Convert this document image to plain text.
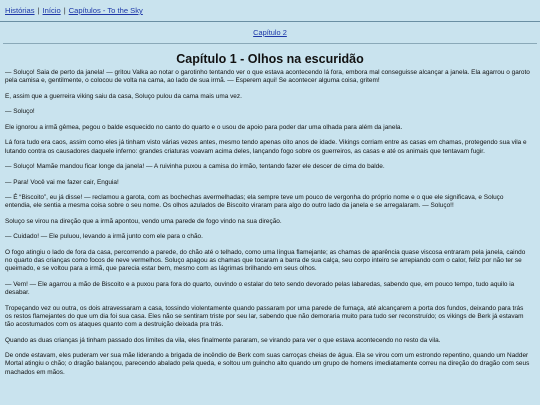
Histórias | Início | Capítulos - To the Sky
Capítulo 2
Capítulo 1 - Olhos na escuridão

— Soluço! Saia de perto da janela! — gritou Valka ao notar o garotinho tentando ver o que estava acontecendo lá fora, embora mal conseguisse alcançar a janela. Ela agarrou o garoto pela camisa e, gentilmente, o colocou de volta na cama, ao lado de sua irmã. — Esperem aqui! Se acontecer alguma coisa, gritem!

E, assim que a guerreira viking saiu da casa, Soluço pulou da cama mais uma vez.

— Soluço!

Ele ignorou a irmã gêmea, pegou o balde esquecido no canto do quarto e o usou de apoio para poder dar uma olhada para além da janela.

Lá fora tudo era caos, assim como eles já tinham visto várias vezes antes, mesmo tendo apenas oito anos de idade. Vikings corriam entre as casas em chamas, protegendo sua vila e lutando contra os causadores daquele inferno: grandes criaturas voavam acima deles, lançando fogo sobre os guerreiros, as casas e até os animais que tentavam fugir.

— Soluço! Mamãe mandou ficar longe da janela! — A ruivinha puxou a camisa do irmão, tentando fazer ele descer de cima do balde.

— Para! Você vai me fazer cair, Enguia!

— É “Biscoito”, eu já disse! — reclamou a garota, com as bochechas avermelhadas; ela sempre teve um pouco de vergonha do próprio nome e o que ele significava, e Soluço entendia, ele sentia a mesma coisa sobre o seu nome. Os olhos azulados de Biscoito viraram para algo do outro lado da janela e se arregalaram. — Soluço!!

Soluço se virou na direção que a irmã apontou, vendo uma parede de fogo vindo na sua direção.

— Cuidado! — Ele puluou, levando a irmã junto com ele para o chão.

O fogo atingiu o lado de fora da casa, percorrendo a parede, do chão até o telhado, como uma língua flamejante; as chamas de aparência quase viscosa entraram pela janela, caindo no quarto das crianças como focos de neve vermelhos. Soluço apagou as chamas que tocaram a barra de sua calça, seu corpo inteiro se arrepiando com o calor, feliz por não ter se queimado, e se voltou para a irmã, que parecia estar bem, mesmo com as lágrimas brilhando em seus olhos.

— Vem! — Ele agarrou a mão de Biscoito e a puxou para fora do quarto, ouvindo o estalar do teto sendo devorado pelas labaredas, sabendo que, em pouco tempo, tudo aquilo ia desabar.

Tropeçando vez ou outra, os dois atravessaram a casa, tossindo violentamente quando passaram por uma parede de fumaça, até alcançarem a porta dos fundos, deixando para trás os restos flamejantes do que um dia foi sua casa. Eles não se sentiram triste por seu lar, sabendo que não demoraria muito para tudo ser reconstruído; os vikings de Berk já estavam tão acostumados com os ataques quanto com a destruição deixada pra trás.

Quando as duas crianças já tinham passado dos limites da vila, eles finalmente pararam, se virando para ver o que estava acontecendo no resto da vila.

De onde estavam, eles puderam ver sua mãe liderando a brigada de incêndio de Berk com suas carroças cheias de água. Ela se virou com um estrondo repentino, quando um Nadder Mortal atingiu o chão; o dragão balançou, parecendo abalado pela queda, e soltou um guincho alto quando um grupo de homens imediatamente correu na direção do dragão com seus machados em mãos.
